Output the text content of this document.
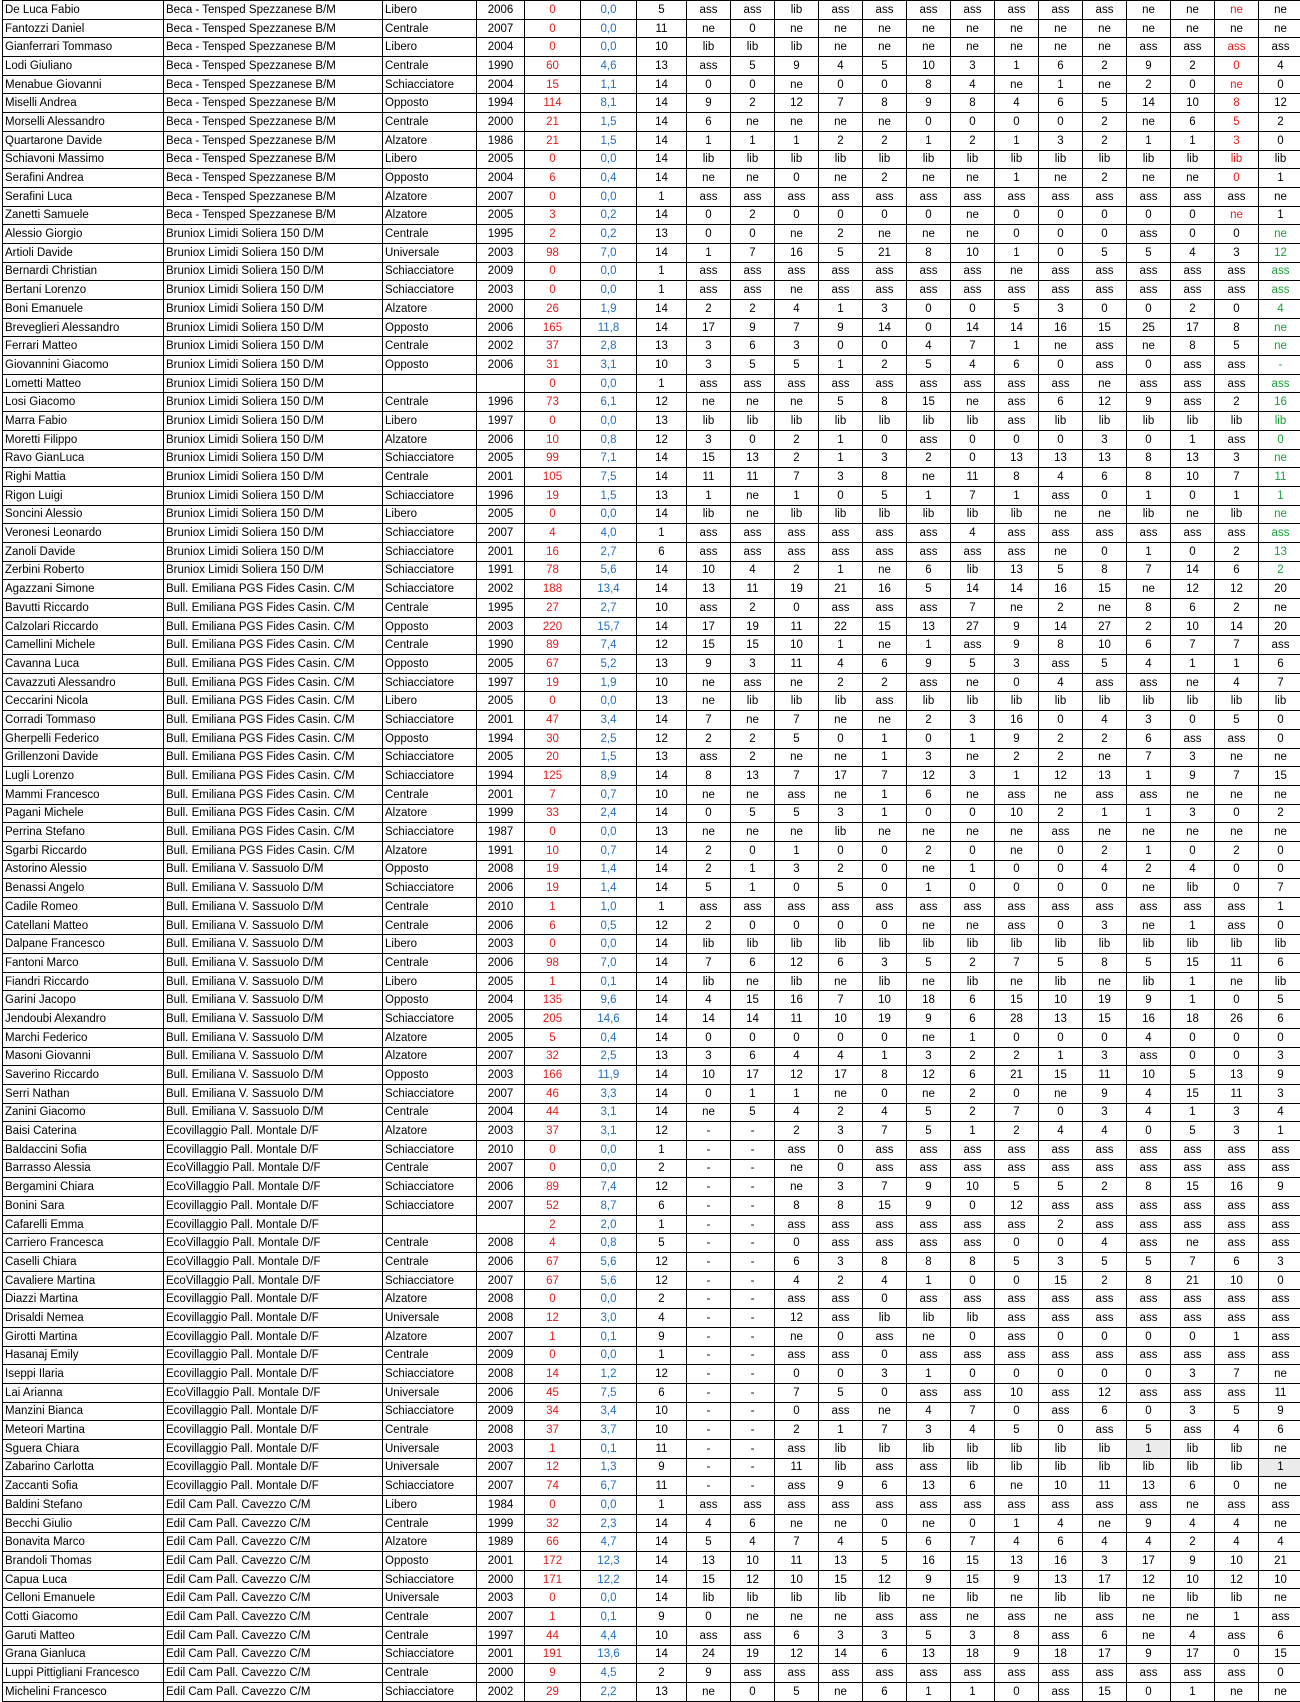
De Luca Fabio	Beca - Tensped Spezzanese B/M	Libero	2006	0	0,0	5	ass	ass	lib	ass	ass	ass	ass	ass	ass	ass	ne	ne	ne	ne
Fantozzi Daniel	Beca - Tensped Spezzanese B/M	Centrale	2007	0	0,0	11	ne	0	ne	ne	ne	ne	ne	ne	ne	ne	ne	ne	ne	ne
Gianferrari Tommaso	Beca - Tensped Spezzanese B/M	Libero	2004	0	0,0	10	lib	lib	lib	ne	ne	ne	ne	ne	ne	ne	ass	ass	ass	ass
Lodi Giuliano	Beca - Tensped Spezzanese B/M	Centrale	1990	60	4,6	13	ass	5	9	4	5	10	3	1	6	2	9	2	0	4
Menabue Giovanni	Beca - Tensped Spezzanese B/M	Schiacciatore	2004	15	1,1	14	0	0	ne	0	0	8	4	ne	1	ne	2	0	ne	0
Miselli Andrea	Beca - Tensped Spezzanese B/M	Opposto	1994	114	8,1	14	9	2	12	7	8	9	8	4	6	5	14	10	8	12
Morselli Alessandro	Beca - Tensped Spezzanese B/M	Centrale	2000	21	1,5	14	6	ne	ne	ne	ne	0	0	0	0	2	ne	6	5	2
Quartarone Davide	Beca - Tensped Spezzanese B/M	Alzatore	1986	21	1,5	14	1	1	1	2	2	1	2	1	3	2	1	1	3	0
Schiavoni Massimo	Beca - Tensped Spezzanese B/M	Libero	2005	0	0,0	14	lib	lib	lib	lib	lib	lib	lib	lib	lib	lib	lib	lib	lib	lib
Serafini Andrea	Beca - Tensped Spezzanese B/M	Opposto	2004	6	0,4	14	ne	ne	0	ne	2	ne	ne	1	ne	2	ne	ne	0	1
Serafini Luca	Beca - Tensped Spezzanese B/M	Alzatore	2007	0	0,0	1	ass	ass	ass	ass	ass	ass	ass	ass	ass	ass	ass	ass	ass	ne
Zanetti Samuele	Beca - Tensped Spezzanese B/M	Alzatore	2005	3	0,2	14	0	2	0	0	0	0	ne	0	0	0	0	0	ne	1
Alessio Giorgio	Bruniox Limidi Soliera 150 D/M	Centrale	1995	2	0,2	13	0	0	ne	2	ne	ne	ne	0	0	0	ass	0	0	ne
Artioli Davide	Bruniox Limidi Soliera 150 D/M	Universale	2003	98	7,0	14	1	7	16	5	21	8	10	1	0	5	5	4	3	12
Bernardi Christian	Bruniox Limidi Soliera 150 D/M	Schiacciatore	2009	0	0,0	1	ass	ass	ass	ass	ass	ass	ass	ne	ass	ass	ass	ass	ass	ass
Bertani Lorenzo	Bruniox Limidi Soliera 150 D/M	Schiacciatore	2003	0	0,0	1	ass	ass	ne	ass	ass	ass	ass	ass	ass	ass	ass	ass	ass	ass
Boni Emanuele	Bruniox Limidi Soliera 150 D/M	Alzatore	2000	26	1,9	14	2	2	4	1	3	0	0	5	3	0	0	2	0	4
Breveglieri Alessandro	Bruniox Limidi Soliera 150 D/M	Opposto	2006	165	11,8	14	17	9	7	9	14	0	14	14	16	15	25	17	8	ne
Ferrari Matteo	Bruniox Limidi Soliera 150 D/M	Centrale	2002	37	2,8	13	3	6	3	0	0	4	7	1	ne	ass	ne	8	5	ne
Giovannini Giacomo	Bruniox Limidi Soliera 150 D/M	Opposto	2006	31	3,1	10	3	5	5	1	2	5	4	6	0	ass	0	ass	ass	-
Lometti Matteo	Bruniox Limidi Soliera 150 D/M			0	0,0	1	ass	ass	ass	ass	ass	ass	ass	ass	ass	ne	ass	ass	ass	ass
Losi Giacomo	Bruniox Limidi Soliera 150 D/M	Centrale	1996	73	6,1	12	ne	ne	ne	5	8	15	ne	ass	6	12	9	ass	2	16
Marra Fabio	Bruniox Limidi Soliera 150 D/M	Libero	1997	0	0,0	13	lib	lib	lib	lib	lib	lib	lib	ass	lib	lib	lib	lib	lib	lib
Moretti Filippo	Bruniox Limidi Soliera 150 D/M	Alzatore	2006	10	0,8	12	3	0	2	1	0	ass	0	0	0	3	0	1	ass	0
Ravo GianLuca	Bruniox Limidi Soliera 150 D/M	Schiacciatore	2005	99	7,1	14	15	13	2	1	3	2	0	13	13	13	8	13	3	ne
Righi Mattia	Bruniox Limidi Soliera 150 D/M	Centrale	2001	105	7,5	14	11	11	7	3	8	ne	11	8	4	6	8	10	7	11
Rigon Luigi	Bruniox Limidi Soliera 150 D/M	Schiacciatore	1996	19	1,5	13	1	ne	1	0	5	1	7	1	ass	0	1	0	1	1
Soncini Alessio	Bruniox Limidi Soliera 150 D/M	Libero	2005	0	0,0	14	lib	ne	lib	lib	lib	lib	lib	lib	ne	ne	lib	ne	lib	ne
Veronesi Leonardo	Bruniox Limidi Soliera 150 D/M	Schiacciatore	2007	4	4,0	1	ass	ass	ass	ass	ass	ass	4	ass	ass	ass	ass	ass	ass	ass
Zanoli Davide	Bruniox Limidi Soliera 150 D/M	Schiacciatore	2001	16	2,7	6	ass	ass	ass	ass	ass	ass	ass	ass	ne	0	1	0	2	13
Zerbini Roberto	Bruniox Limidi Soliera 150 D/M	Schiacciatore	1991	78	5,6	14	10	4	2	1	ne	6	lib	13	5	8	7	14	6	2
Agazzani Simone	Bull. Emiliana PGS Fides Casin. C/M	Schiacciatore	2002	188	13,4	14	13	11	19	21	16	5	14	14	16	15	ne	12	12	20
Bavutti Riccardo	Bull. Emiliana PGS Fides Casin. C/M	Centrale	1995	27	2,7	10	ass	2	0	ass	ass	ass	7	ne	2	ne	8	6	2	ne
Calzolari Riccardo	Bull. Emiliana PGS Fides Casin. C/M	Opposto	2003	220	15,7	14	17	19	11	22	15	13	27	9	14	27	2	10	14	20
Camellini Michele	Bull. Emiliana PGS Fides Casin. C/M	Centrale	1990	89	7,4	12	15	15	10	1	ne	1	ass	9	8	10	6	7	7	ass
Cavanna Luca	Bull. Emiliana PGS Fides Casin. C/M	Opposto	2005	67	5,2	13	9	3	11	4	6	9	5	3	ass	5	4	1	1	6
Cavazzuti Alessandro	Bull. Emiliana PGS Fides Casin. C/M	Schiacciatore	1997	19	1,9	10	ne	ass	ne	2	2	ass	ne	0	4	ass	ass	ne	4	7
Ceccarini Nicola	Bull. Emiliana PGS Fides Casin. C/M	Libero	2005	0	0,0	13	ne	lib	lib	lib	ass	lib	lib	lib	lib	lib	lib	lib	lib	lib
Corradi Tommaso	Bull. Emiliana PGS Fides Casin. C/M	Schiacciatore	2001	47	3,4	14	7	ne	7	ne	ne	2	3	16	0	4	3	0	5	0
Gherpelli Federico	Bull. Emiliana PGS Fides Casin. C/M	Opposto	1994	30	2,5	12	2	2	5	0	1	0	1	9	2	2	6	ass	ass	0
Grillenzoni Davide	Bull. Emiliana PGS Fides Casin. C/M	Schiacciatore	2005	20	1,5	13	ass	2	ne	ne	1	3	ne	2	2	ne	7	3	ne	ne
Lugli Lorenzo	Bull. Emiliana PGS Fides Casin. C/M	Schiacciatore	1994	125	8,9	14	8	13	7	17	7	12	3	1	12	13	1	9	7	15
Mammi Francesco	Bull. Emiliana PGS Fides Casin. C/M	Centrale	2001	7	0,7	10	ne	ne	ass	ne	1	6	ne	ass	ne	ass	ass	ne	ne	ne
Pagani Michele	Bull. Emiliana PGS Fides Casin. C/M	Alzatore	1999	33	2,4	14	0	5	5	3	1	0	0	10	2	1	1	3	0	2
Perrina Stefano	Bull. Emiliana PGS Fides Casin. C/M	Schiacciatore	1987	0	0,0	13	ne	ne	ne	lib	ne	ne	ne	ne	ass	ne	ne	ne	ne	ne
Sgarbi Riccardo	Bull. Emiliana PGS Fides Casin. C/M	Alzatore	1991	10	0,7	14	2	0	1	0	0	2	0	ne	0	2	1	0	2	0
Astorino Alessio	Bull. Emiliana V. Sassuolo D/M	Opposto	2008	19	1,4	14	2	1	3	2	0	ne	1	0	0	4	2	4	0	0
Benassi Angelo	Bull. Emiliana V. Sassuolo D/M	Schiacciatore	2006	19	1,4	14	5	1	0	5	0	1	0	0	0	0	ne	lib	0	7
Cadile Romeo	Bull. Emiliana V. Sassuolo D/M	Centrale	2010	1	1,0	1	ass	ass	ass	ass	ass	ass	ass	ass	ass	ass	ass	ass	ass	1
Catellani Matteo	Bull. Emiliana V. Sassuolo D/M	Centrale	2006	6	0,5	12	2	0	0	0	0	ne	ne	ass	0	3	ne	1	ass	0
Dalpane Francesco	Bull. Emiliana V. Sassuolo D/M	Libero	2003	0	0,0	14	lib	lib	lib	lib	lib	lib	lib	lib	lib	lib	lib	lib	lib	lib
Fantoni Marco	Bull. Emiliana V. Sassuolo D/M	Centrale	2006	98	7,0	14	7	6	12	6	3	5	2	7	5	8	5	15	11	6
Fiandri Riccardo	Bull. Emiliana V. Sassuolo D/M	Libero	2005	1	0,1	14	lib	ne	lib	ne	lib	ne	lib	ne	lib	ne	lib	1	ne	lib
Garini Jacopo	Bull. Emiliana V. Sassuolo D/M	Opposto	2004	135	9,6	14	4	15	16	7	10	18	6	15	10	19	9	1	0	5
Jendoubi Alexandro	Bull. Emiliana V. Sassuolo D/M	Schiacciatore	2005	205	14,6	14	14	14	11	10	19	9	6	28	13	15	16	18	26	6
Marchi Federico	Bull. Emiliana V. Sassuolo D/M	Alzatore	2005	5	0,4	14	0	0	0	0	0	ne	1	0	0	0	4	0	0	0
Masoni Giovanni	Bull. Emiliana V. Sassuolo D/M	Alzatore	2007	32	2,5	13	3	6	4	4	1	3	2	2	1	3	ass	0	0	3
Saverino Riccardo	Bull. Emiliana V. Sassuolo D/M	Opposto	2003	166	11,9	14	10	17	12	17	8	12	6	21	15	11	10	5	13	9
Serri Nathan	Bull. Emiliana V. Sassuolo D/M	Schiacciatore	2007	46	3,3	14	0	1	1	ne	0	ne	2	0	ne	9	4	15	11	3
Zanini Giacomo	Bull. Emiliana V. Sassuolo D/M	Centrale	2004	44	3,1	14	ne	5	4	2	4	5	2	7	0	3	4	1	3	4
Baisi Caterina	Ecovillaggio Pall. Montale D/F	Alzatore	2003	37	3,1	12	-	-	2	3	7	5	1	2	4	4	0	5	3	1
Baldaccini Sofia	Ecovillaggio Pall. Montale D/F	Schiacciatore	2010	0	0,0	1	-	-	ass	0	ass	ass	ass	ass	ass	ass	ass	ass	ass	ass
Barrasso Alessia	EcoVillaggio Pall. Montale D/F	Centrale	2007	0	0,0	2	-	-	ne	0	ass	ass	ass	ass	ass	ass	ass	ass	ass	ass
Bergamini Chiara	EcoVillaggio Pall. Montale D/F	Schiacciatore	2006	89	7,4	12	-	-	ne	3	7	9	10	5	5	2	8	15	16	9
Bonini Sara	Ecovillaggio Pall. Montale D/F	Schiacciatore	2007	52	8,7	6	-	-	8	8	15	9	0	12	ass	ass	ass	ass	ass	ass
Cafarelli Emma	Ecovillaggio Pall. Montale D/F			2	2,0	1	-	-	ass	ass	ass	ass	ass	ass	2	ass	ass	ass	ass	ass
Carriero Francesca	EcoVillaggio Pall. Montale D/F	Centrale	2008	4	0,8	5	-	-	0	ass	ass	ass	ass	0	0	4	ass	ne	ass	ass
Caselli Chiara	EcoVillaggio Pall. Montale D/F	Centrale	2006	67	5,6	12	-	-	6	3	8	8	8	5	3	5	5	7	6	3
Cavaliere Martina	EcoVillaggio Pall. Montale D/F	Schiacciatore	2007	67	5,6	12	-	-	4	2	4	1	0	0	15	2	8	21	10	0
Diazzi Martina	Ecovillaggio Pall. Montale D/F	Alzatore	2008	0	0,0	2	-	-	ass	ass	0	ass	ass	ass	ass	ass	ass	ass	ass	ass
Drisaldi Nemea	Ecovillaggio Pall. Montale D/F	Universale	2008	12	3,0	4	-	-	12	ass	lib	lib	lib	ass	ass	ass	ass	ass	ass	ass
Girotti Martina	Ecovillaggio Pall. Montale D/F	Alzatore	2007	1	0,1	9	-	-	ne	0	ass	ne	0	ass	0	0	0	0	1	ass
Hasanaj Emily	Ecovillaggio Pall. Montale D/F	Centrale	2009	0	0,0	1	-	-	ass	ass	0	ass	ass	ass	ass	ass	ass	ass	ass	ass
Iseppi Ilaria	Ecovillaggio Pall. Montale D/F	Schiacciatore	2008	14	1,2	12	-	-	0	0	3	1	0	0	0	0	0	3	7	ne
Lai Arianna	EcoVillaggio Pall. Montale D/F	Universale	2006	45	7,5	6	-	-	7	5	0	ass	ass	10	ass	12	ass	ass	ass	11
Manzini Bianca	Ecovillaggio Pall. Montale D/F	Schiacciatore	2009	34	3,4	10	-	-	0	ass	ne	4	7	0	ass	6	0	3	5	9
Meteori Martina	Ecovillaggio Pall. Montale D/F	Centrale	2008	37	3,7	10	-	-	2	1	7	3	4	5	0	ass	5	ass	4	6
Sguera Chiara	Ecovillaggio Pall. Montale D/F	Universale	2003	1	0,1	11	-	-	ass	lib	lib	lib	lib	lib	lib	lib	1	lib	lib	ne
Zabarino Carlotta	Ecovillaggio Pall. Montale D/F	Universale	2007	12	1,3	9	-	-	11	lib	ass	ass	lib	lib	lib	lib	lib	lib	lib	1
Zaccanti Sofia	Ecovillaggio Pall. Montale D/F	Schiacciatore	2007	74	6,7	11	-	-	ass	9	6	13	6	ne	10	11	13	6	0	ne
Baldini Stefano	Edil Cam Pall. Cavezzo C/M	Libero	1984	0	0,0	1	ass	ass	ass	ass	ass	ass	ass	ass	ass	ass	ass	ne	ass	ass
Becchi Giulio	Edil Cam Pall. Cavezzo C/M	Centrale	1999	32	2,3	14	4	6	ne	ne	0	ne	0	1	4	ne	9	4	4	ne
Bonavita Marco	Edil Cam Pall. Cavezzo C/M	Alzatore	1989	66	4,7	14	5	4	7	4	5	6	7	4	6	4	4	2	4	4
Brandoli Thomas	Edil Cam Pall. Cavezzo C/M	Opposto	2001	172	12,3	14	13	10	11	13	5	16	15	13	16	3	17	9	10	21
Capua Luca	Edil Cam Pall. Cavezzo C/M	Schiacciatore	2000	171	12,2	14	15	12	10	15	12	9	15	9	13	17	12	10	12	10
Celloni Emanuele	Edil Cam Pall. Cavezzo C/M	Universale	2003	0	0,0	14	lib	lib	lib	lib	lib	ne	lib	ne	lib	lib	ne	lib	lib	ne
Cotti Giacomo	Edil Cam Pall. Cavezzo C/M	Centrale	2007	1	0,1	9	0	ne	ne	ne	ass	ass	ne	ass	ne	ass	ne	ne	1	ass
Garuti Matteo	Edil Cam Pall. Cavezzo C/M	Centrale	1997	44	4,4	10	ass	ass	6	3	3	5	3	8	ass	6	ne	4	ass	6
Grana Gianluca	Edil Cam Pall. Cavezzo C/M	Schiacciatore	2001	191	13,6	14	24	19	12	14	6	13	18	9	18	17	9	17	0	15
Luppi Pittigliani Francesco	Edil Cam Pall. Cavezzo C/M	Centrale	2000	9	4,5	2	9	ass	ass	ass	ass	ass	ass	ass	ass	ass	ass	ass	ass	0
Michelini Francesco	Edil Cam Pall. Cavezzo C/M	Schiacciatore	2002	29	2,2	13	ne	0	5	ne	6	1	1	0	ass	15	0	1	ne	ne
